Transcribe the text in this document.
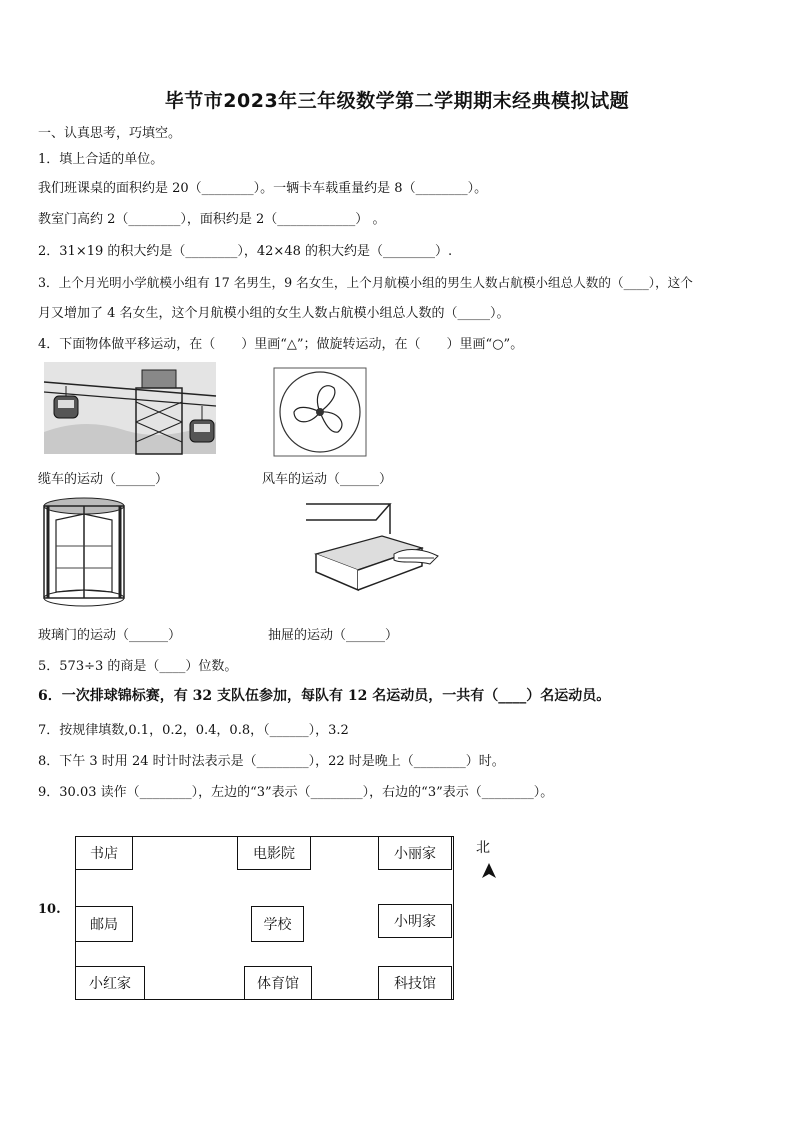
毕节市2023年三年级数学第二学期期末经典模拟试题
一、认真思考，巧填空。
1．填上合适的单位。
我们班课桌的面积约是 20（________）。一辆卡车载重量约是 8（________）。
教室门高约 2（________），面积约是 2（____________） 。
2．31×19 的积大约是（________），42×48 的积大约是（________）.
3．上个月光明小学航模小组有 17 名男生，9 名女生，上个月航模小组的男生人数占航模小组总人数的（____），这个
月又增加了 4 名女生，这个月航模小组的女生人数占航模小组总人数的（_____）。
4．下面物体做平移运动，在（　　）里画“△”；做旋转运动，在（　　）里画“○”。
缆车的运动（______）	风车的运动（______）
玻璃门的运动（______）	抽屉的运动（______）
5．573÷3 的商是（____）位数。
6．一次排球锦标赛，有 32 支队伍参加，每队有 12 名运动员，一共有（____）名运动员。
7．按规律填数,0.1，0.2，0.4，0.8，（______），3.2
8．下午 3 时用 24 时计时法表示是（________），22 时是晚上（________）时。
9．30.03 读作（________），左边的“3”表示（________），右边的“3”表示（________）。
10.
书店	电影院	小丽家
邮局	学校	小明家
小红家	体育馆	科技馆
北
